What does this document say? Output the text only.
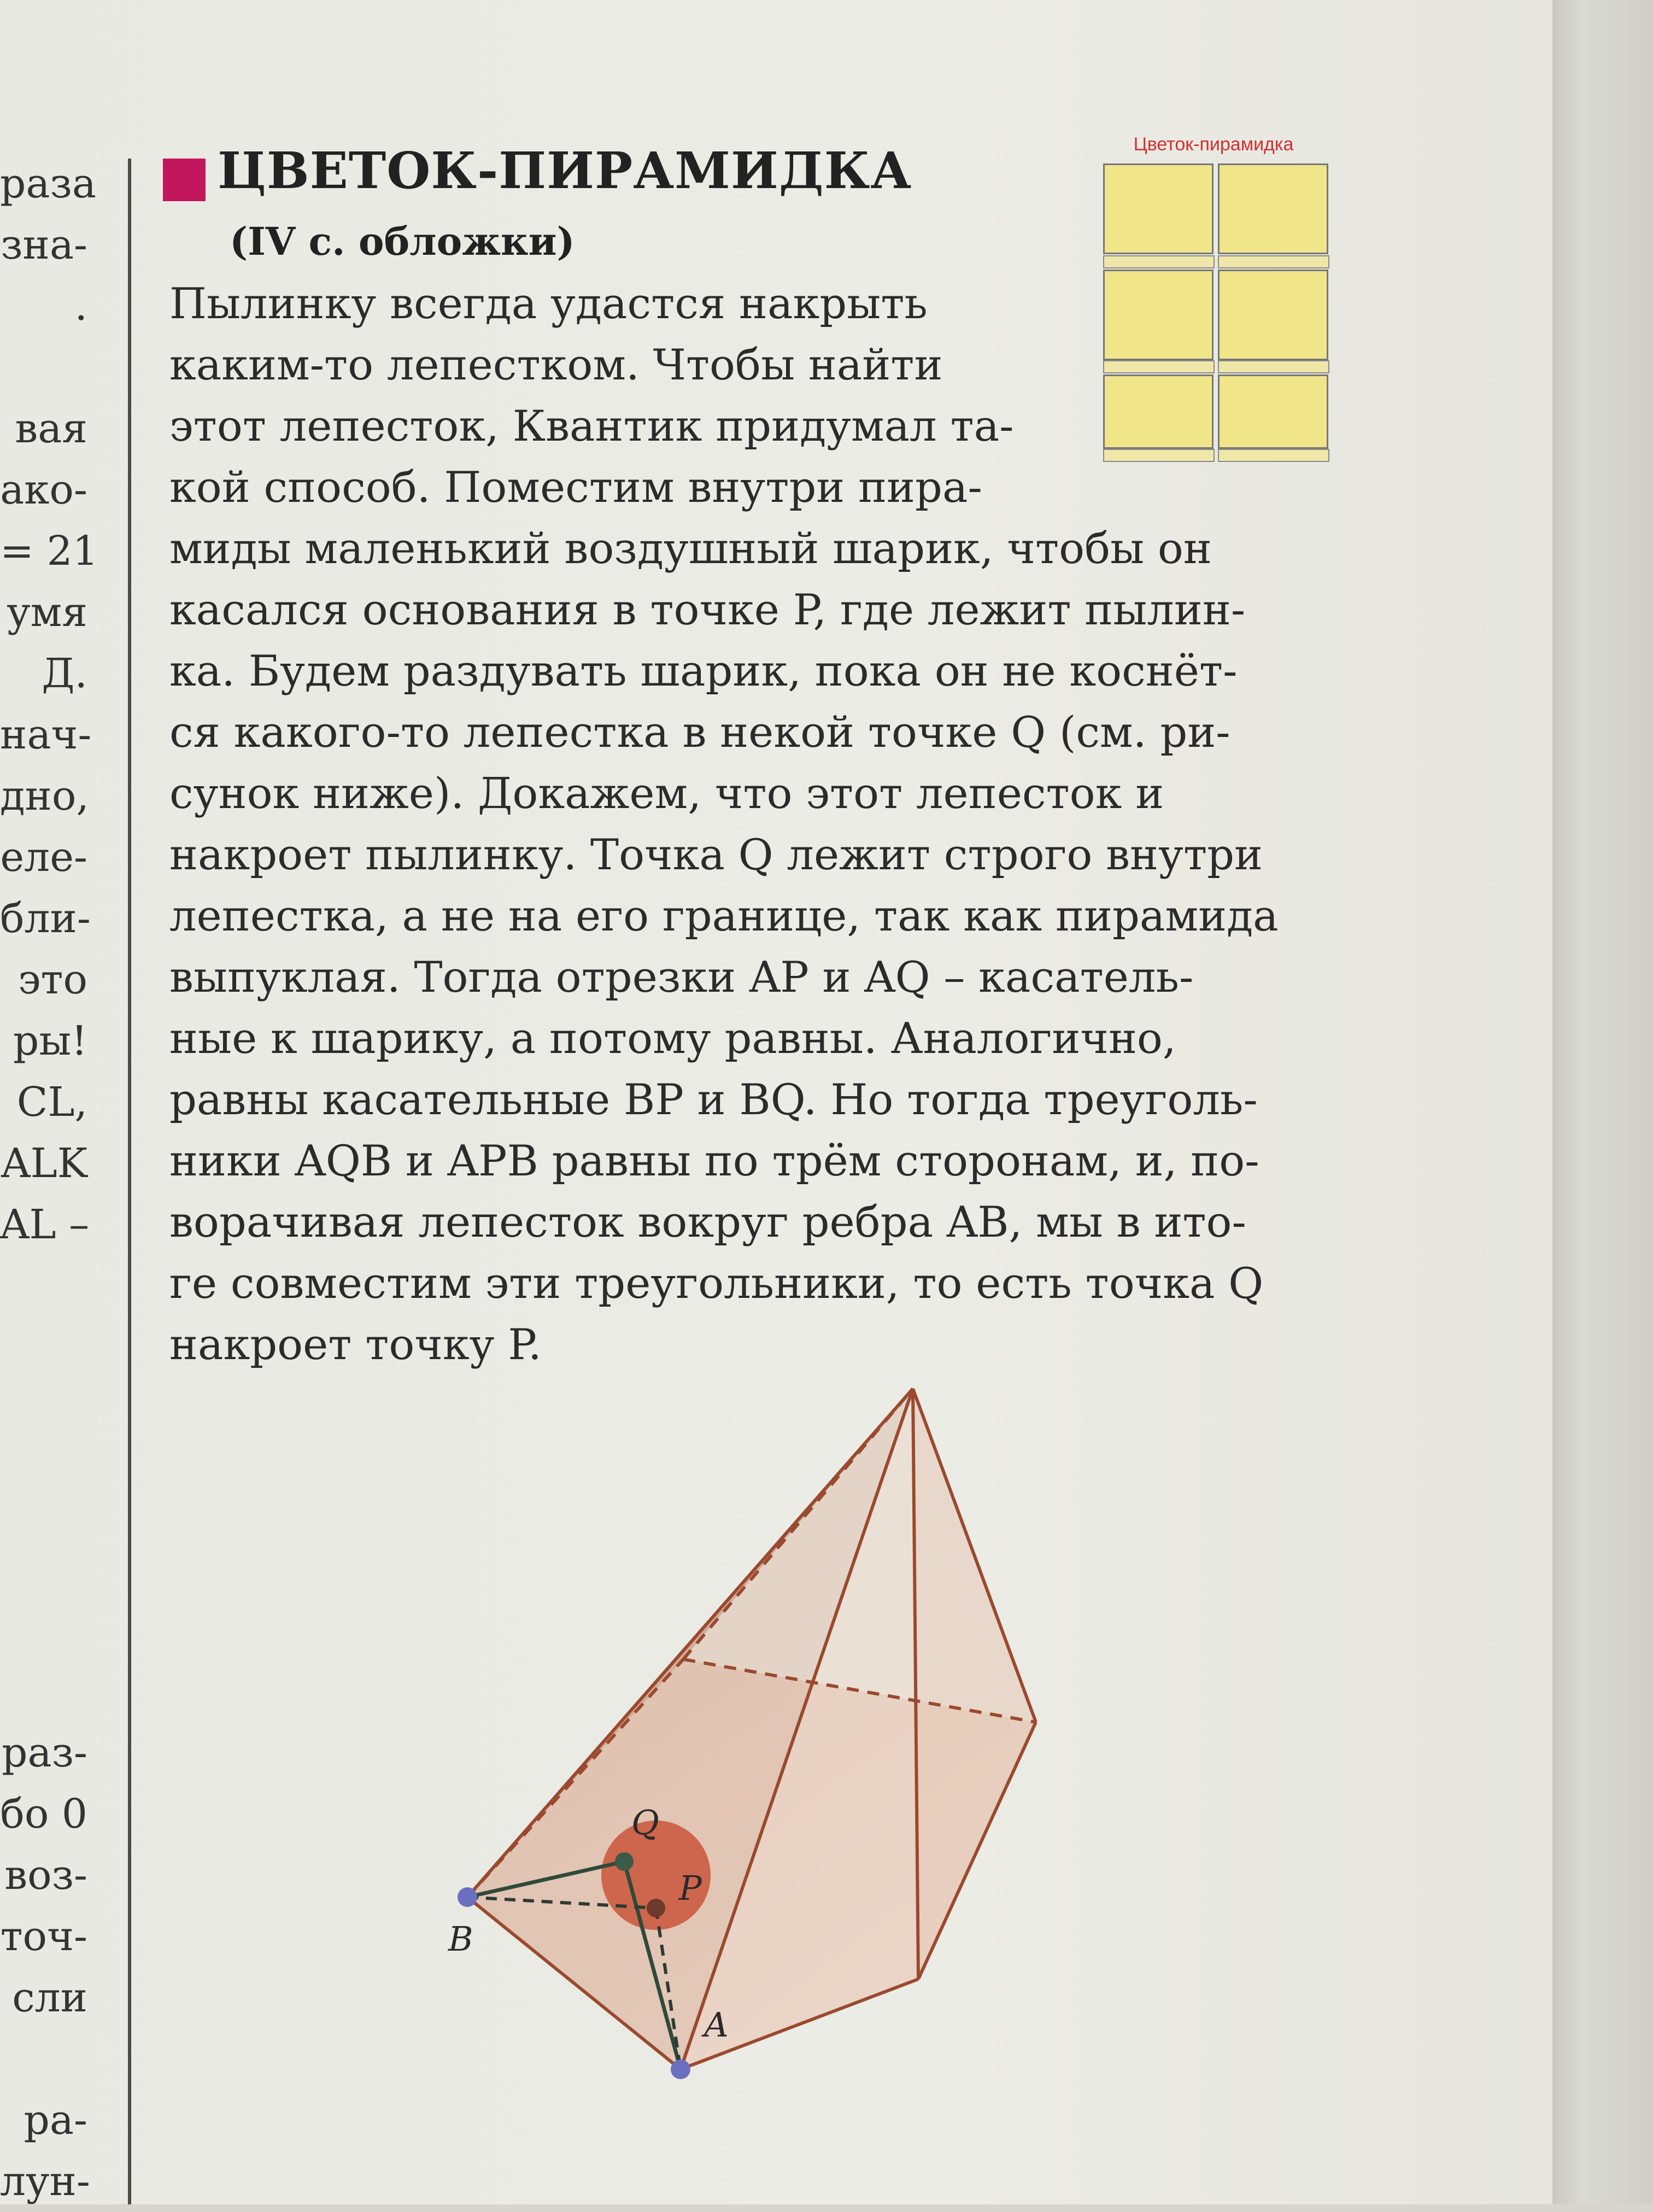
раза
зна-
.
вая
ако-
= 21
умя
Д.
нач-
дно,
еле-
бли-
это
ры!
CL,
ALK
AL –
раз-
бо 0
воз-
точ-
сли
ра-
лун-
ЦВЕТОК-ПИРАМИДКА
(IV с. обложки)
Пылинку всегда удастся накрыть
каким-то лепестком. Чтобы найти
этот лепесток, Квантик придумал та-
кой способ. Поместим внутри пира-
миды маленький воздушный шарик, чтобы он
касался основания в точке P, где лежит пылин-
ка. Будем раздувать шарик, пока он не коснёт-
ся какого-то лепестка в некой точке Q (см. ри-
сунок ниже). Докажем, что этот лепесток и
накроет пылинку. Точка Q лежит строго внутри
лепестка, а не на его границе, так как пирамида
выпуклая. Тогда отрезки AP и AQ – касатель-
ные к шарику, а потому равны. Аналогично,
равны касательные BP и BQ. Но тогда треуголь-
ники AQB и APB равны по трём сторонам, и, по-
ворачивая лепесток вокруг ребра AB, мы в ито-
ге совместим эти треугольники, то есть точка Q
накроет точку P.
Цветок-пирамидка
Q
P
B
A
